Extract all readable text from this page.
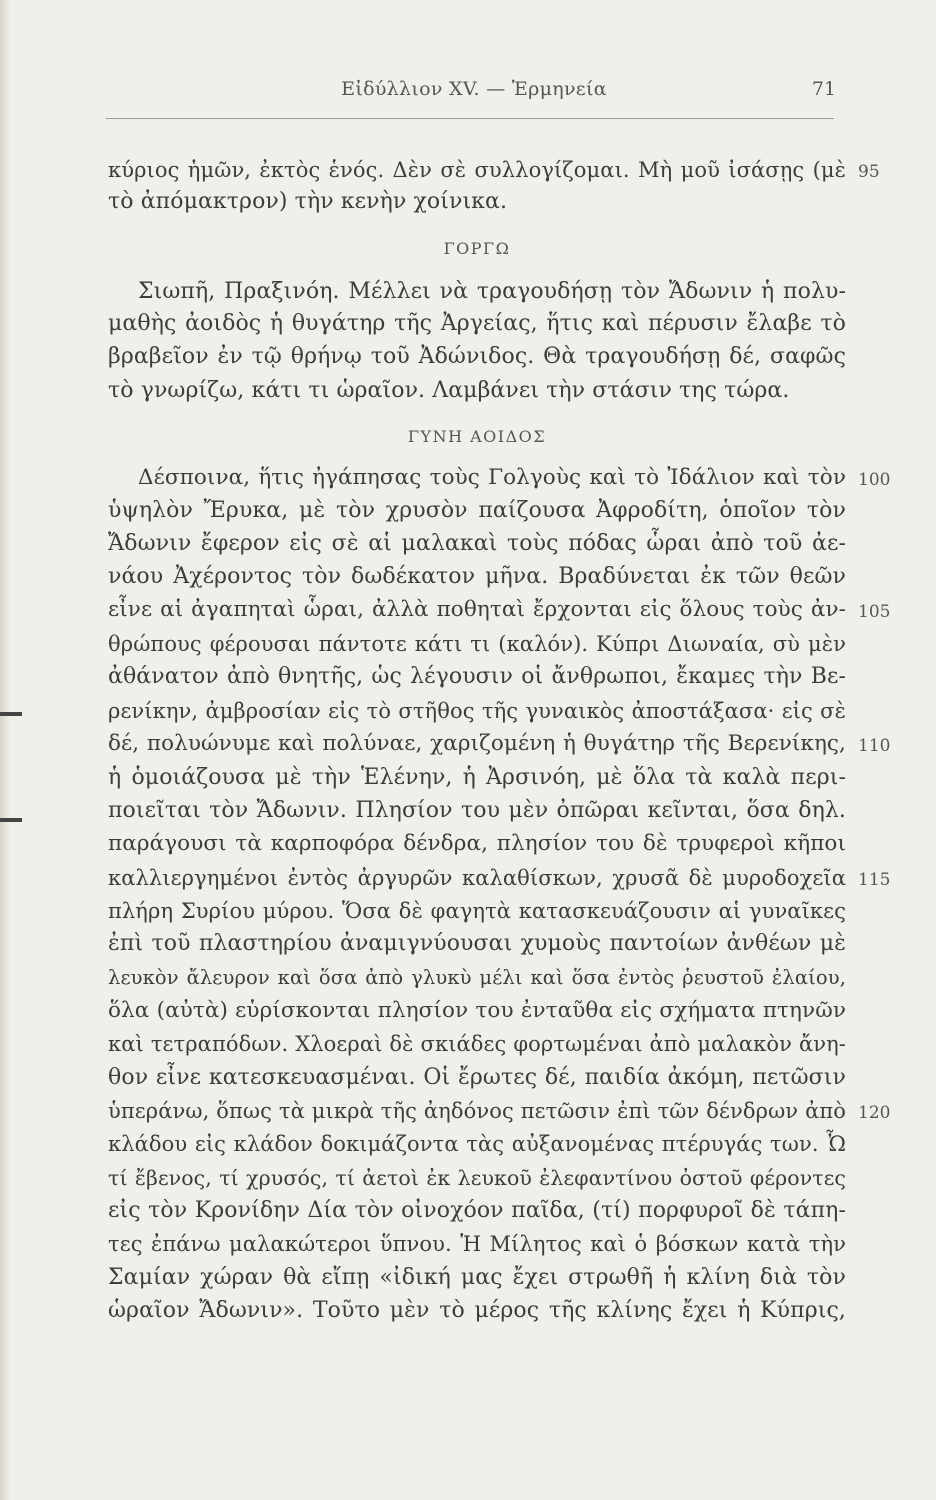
Εἰδύλλιον XV. — Ἑρμηνεία	71
κύριος ἡμῶν, ἐκτὸς ἑνός. Δὲν σὲ συλλογίζομαι. Μὴ μοῦ ἰσάσῃς (μὲ 95
τὸ ἀπόμακτρον) τὴν κενὴν χοίνικα.
ΓΟΡΓΩ
Σιωπῆ, Πραξινόη. Μέλλει νὰ τραγουδήσῃ τὸν Ἄδωνιν ἡ πολυ-
μαθὴς ἀοιδὸς ἡ θυγάτηρ τῆς Ἀργείας, ἥτις καὶ πέρυσιν ἔλαβε τὸ
βραβεῖον ἐν τῷ θρήνῳ τοῦ Ἀδώνιδος. Θὰ τραγουδήσῃ δέ, σαφῶς
τὸ γνωρίζω, κάτι τι ὡραῖον. Λαμβάνει τὴν στάσιν της τώρα.
ΓΥΝΗ ΑΟΙΔΟΣ
Δέσποινα, ἥτις ἠγάπησας τοὺς Γολγοὺς καὶ τὸ Ἰδάλιον καὶ τὸν 100
ὑψηλὸν Ἔρυκα, μὲ τὸν χρυσὸν παίζουσα Ἀφροδίτη, ὁποῖον τὸν
Ἄδωνιν ἔφερον εἰς σὲ αἱ μαλακαὶ τοὺς πόδας ὧραι ἀπὸ τοῦ ἀε-
νάου Ἀχέροντος τὸν δωδέκατον μῆνα. Βραδύνεται ἐκ τῶν θεῶν
εἶνε αἱ ἀγαπηταὶ ὧραι, ἀλλὰ ποθηταὶ ἔρχονται εἰς ὅλους τοὺς ἀν- 105
θρώπους φέρουσαι πάντοτε κάτι τι (καλόν). Κύπρι Διωναία, σὺ μὲν
ἀθάνατον ἀπὸ θνητῆς, ὡς λέγουσιν οἱ ἄνθρωποι, ἔκαμες τὴν Βε-
ρενίκην, ἀμβροσίαν εἰς τὸ στῆθος τῆς γυναικὸς ἀποστάξασα· εἰς σὲ
δέ, πολυώνυμε καὶ πολύναε, χαριζομένη ἡ θυγάτηρ τῆς Βερενίκης, 110
ἡ ὁμοιάζουσα μὲ τὴν Ἑλένην, ἡ Ἀρσινόη, μὲ ὅλα τὰ καλὰ περι-
ποιεῖται τὸν Ἄδωνιν. Πλησίον του μὲν ὀπῶραι κεῖνται, ὅσα δηλ.
παράγουσι τὰ καρποφόρα δένδρα, πλησίον του δὲ τρυφεροὶ κῆποι
καλλιεργημένοι ἐντὸς ἀργυρῶν καλαθίσκων, χρυσᾶ δὲ μυροδοχεῖα 115
πλήρη Συρίου μύρου. Ὅσα δὲ φαγητὰ κατασκευάζουσιν αἱ γυναῖκες
ἐπὶ τοῦ πλαστηρίου ἀναμιγνύουσαι χυμοὺς παντοίων ἀνθέων μὲ
λευκὸν ἄλευρον καὶ ὅσα ἀπὸ γλυκὺ μέλι καὶ ὅσα ἐντὸς ῥευστοῦ ἐλαίου,
ὅλα (αὐτὰ) εὑρίσκονται πλησίον του ἐνταῦθα εἰς σχήματα πτηνῶν
καὶ τετραπόδων. Χλοεραὶ δὲ σκιάδες φορτωμέναι ἀπὸ μαλακὸν ἄνη-
θον εἶνε κατεσκευασμέναι. Οἱ ἔρωτες δέ, παιδία ἀκόμη, πετῶσιν
ὑπεράνω, ὅπως τὰ μικρὰ τῆς ἀηδόνος πετῶσιν ἐπὶ τῶν δένδρων ἀπὸ 120
κλάδου εἰς κλάδον δοκιμάζοντα τὰς αὐξανομένας πτέρυγάς των. Ὦ
τί ἔβενος, τί χρυσός, τί ἀετοὶ ἐκ λευκοῦ ἐλεφαντίνου ὀστοῦ φέροντες
εἰς τὸν Κρονίδην Δία τὸν οἰνοχόον παῖδα, (τί) πορφυροῖ δὲ τάπη-
τες ἐπάνω μαλακώτεροι ὕπνου. Ἡ Μίλητος καὶ ὁ βόσκων κατὰ τὴν
Σαμίαν χώραν θὰ εἴπῃ «ἰδική μας ἔχει στρωθῆ ἡ κλίνη διὰ τὸν
ὡραῖον Ἄδωνιν». Τοῦτο μὲν τὸ μέρος τῆς κλίνης ἔχει ἡ Κύπρις,
